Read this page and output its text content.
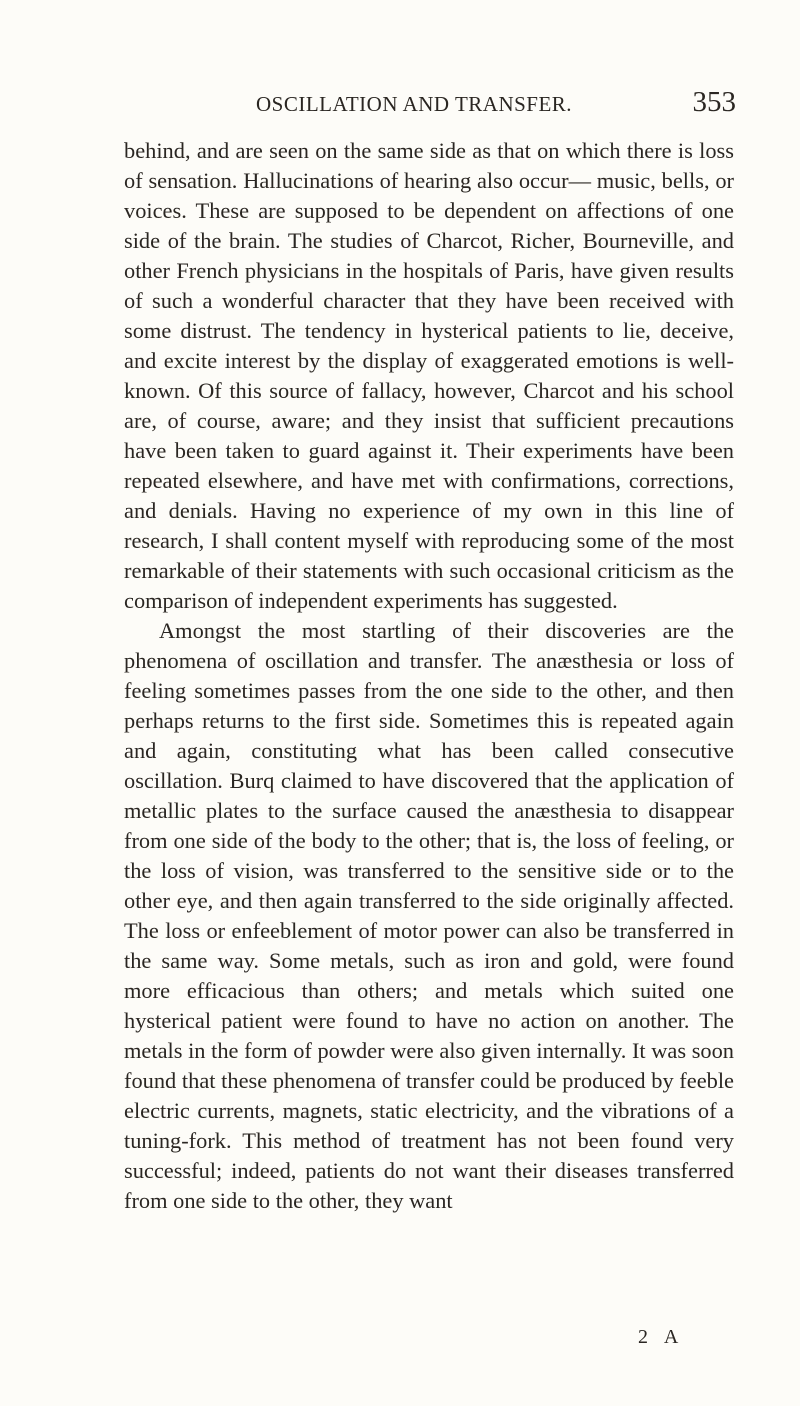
OSCILLATION AND TRANSFER.	353

behind, and are seen on the same side as that on which there is loss of sensation. Hallucinations of hearing also occur— music, bells, or voices. These are supposed to be dependent on affections of one side of the brain. The studies of Charcot, Richer, Bourneville, and other French physicians in the hospitals of Paris, have given results of such a wonderful character that they have been received with some distrust. The tendency in hysterical patients to lie, deceive, and excite interest by the display of exaggerated emotions is well-known. Of this source of fallacy, however, Charcot and his school are, of course, aware; and they insist that sufficient precautions have been taken to guard against it. Their experiments have been repeated elsewhere, and have met with confirmations, corrections, and denials. Having no experience of my own in this line of research, I shall content myself with reproducing some of the most remarkable of their statements with such occasional criticism as the comparison of independent experiments has suggested.

Amongst the most startling of their discoveries are the phenomena of oscillation and transfer. The anæsthesia or loss of feeling sometimes passes from the one side to the other, and then perhaps returns to the first side. Sometimes this is repeated again and again, constituting what has been called consecutive oscillation. Burq claimed to have discovered that the application of metallic plates to the surface caused the anæsthesia to disappear from one side of the body to the other; that is, the loss of feeling, or the loss of vision, was transferred to the sensitive side or to the other eye, and then again transferred to the side originally affected. The loss or enfeeblement of motor power can also be transferred in the same way. Some metals, such as iron and gold, were found more efficacious than others; and metals which suited one hysterical patient were found to have no action on another. The metals in the form of powder were also given internally. It was soon found that these phenomena of transfer could be produced by feeble electric currents, magnets, static electricity, and the vibrations of a tuning-fork. This method of treatment has not been found very successful; indeed, patients do not want their diseases transferred from one side to the other, they want

2 A
